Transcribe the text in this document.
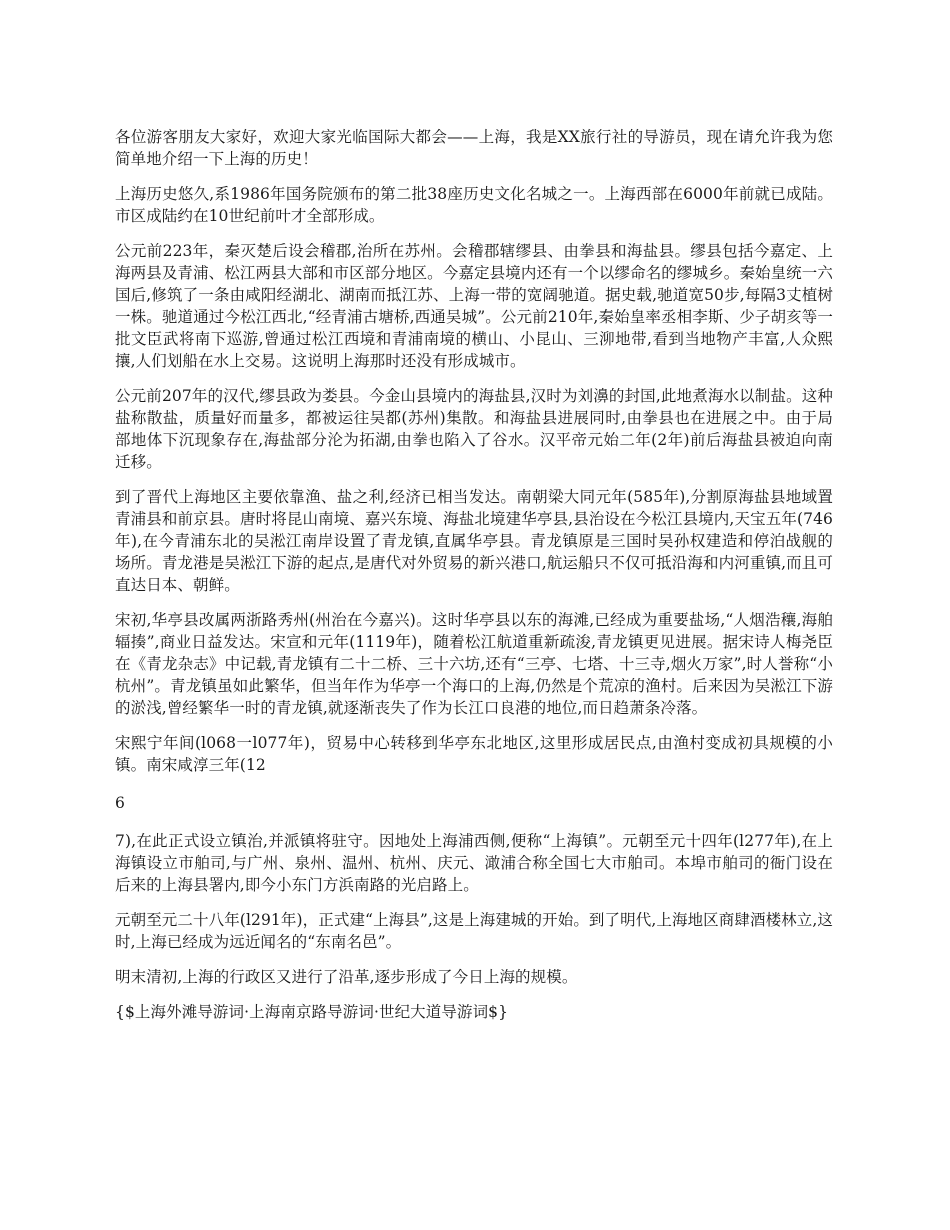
各位游客朋友大家好，欢迎大家光临国际大都会——上海，我是XX旅行社的导游员，现在请允许我为您简单地介绍一下上海的历史！

上海历史悠久,系1986年国务院颁布的第二批38座历史文化名城之一。上海西部在6000年前就已成陆。市区成陆约在10世纪前叶才全部形成。

公元前223年，秦灭楚后设会稽郡,治所在苏州。会稽郡辖缪县、由拳县和海盐县。缪县包括今嘉定、上海两县及青浦、松江两县大部和市区部分地区。今嘉定县境内还有一个以缪命名的缪城乡。秦始皇统一六国后,修筑了一条由咸阳经湖北、湖南而抵江苏、上海一带的宽阔驰道。据史载,驰道宽50步,每隔3丈植树一株。驰道通过今松江西北,“经青浦古塘桥,西通吴城”。公元前210年,秦始皇率丞相李斯、少子胡亥等一批文臣武将南下巡游,曾通过松江西境和青浦南境的横山、小昆山、三泖地带,看到当地物产丰富,人众熙攘,人们划船在水上交易。这说明上海那时还没有形成城市。

公元前207年的汉代,缪县政为娄县。今金山县境内的海盐县,汉时为刘濞的封国,此地煮海水以制盐。这种盐称散盐，质量好而量多，都被运往吴都(苏州)集散。和海盐县进展同时,由拳县也在进展之中。由于局部地体下沉现象存在,海盐部分沦为拓湖,由拳也陷入了谷水。汉平帝元始二年(2年)前后海盐县被迫向南迁移。

到了晋代上海地区主要依靠渔、盐之利,经济已相当发达。南朝梁大同元年(585年),分割原海盐县地域置青浦县和前京县。唐时将昆山南境、嘉兴东境、海盐北境建华亭县,县治设在今松江县境内,天宝五年(746年),在今青浦东北的吴淞江南岸设置了青龙镇,直属华亭县。青龙镇原是三国时吴孙权建造和停泊战舰的场所。青龙港是吴淞江下游的起点,是唐代对外贸易的新兴港口,航运船只不仅可抵沿海和内河重镇,而且可直达日本、朝鲜。

宋初,华亭县改属两浙路秀州(州治在今嘉兴)。这时华亭县以东的海滩,已经成为重要盐场,“人烟浩穰,海舶辐揍”,商业日益发达。宋宣和元年(1119年)，随着松江航道重新疏浚,青龙镇更见进展。据宋诗人梅尧臣在《青龙杂志》中记载,青龙镇有二十二桥、三十六坊,还有“三亭、七塔、十三寺,烟火万家”,时人誉称“小杭州”。青龙镇虽如此繁华，但当年作为华亭一个海口的上海,仍然是个荒凉的渔村。后来因为吴淞江下游的淤浅,曾经繁华一时的青龙镇,就逐渐丧失了作为长江口良港的地位,而日趋萧条冷落。

宋熙宁年间(l068一l077年)，贸易中心转移到华亭东北地区,这里形成居民点,由渔村变成初具规模的小镇。南宋咸淳三年(12

6

7),在此正式设立镇治,并派镇将驻守。因地处上海浦西侧,便称“上海镇”。元朝至元十四年(l277年),在上海镇设立市舶司,与广州、泉州、温州、杭州、庆元、澉浦合称全国七大市舶司。本埠市舶司的衙门设在后来的上海县署内,即今小东门方浜南路的光启路上。

元朝至元二十八年(l291年)，正式建“上海县”,这是上海建城的开始。到了明代,上海地区商肆酒楼林立,这时,上海已经成为远近闻名的“东南名邑”。

明末清初,上海的行政区又进行了沿革,逐步形成了今日上海的规模。

{$上海外滩导游词·上海南京路导游词·世纪大道导游词$}
